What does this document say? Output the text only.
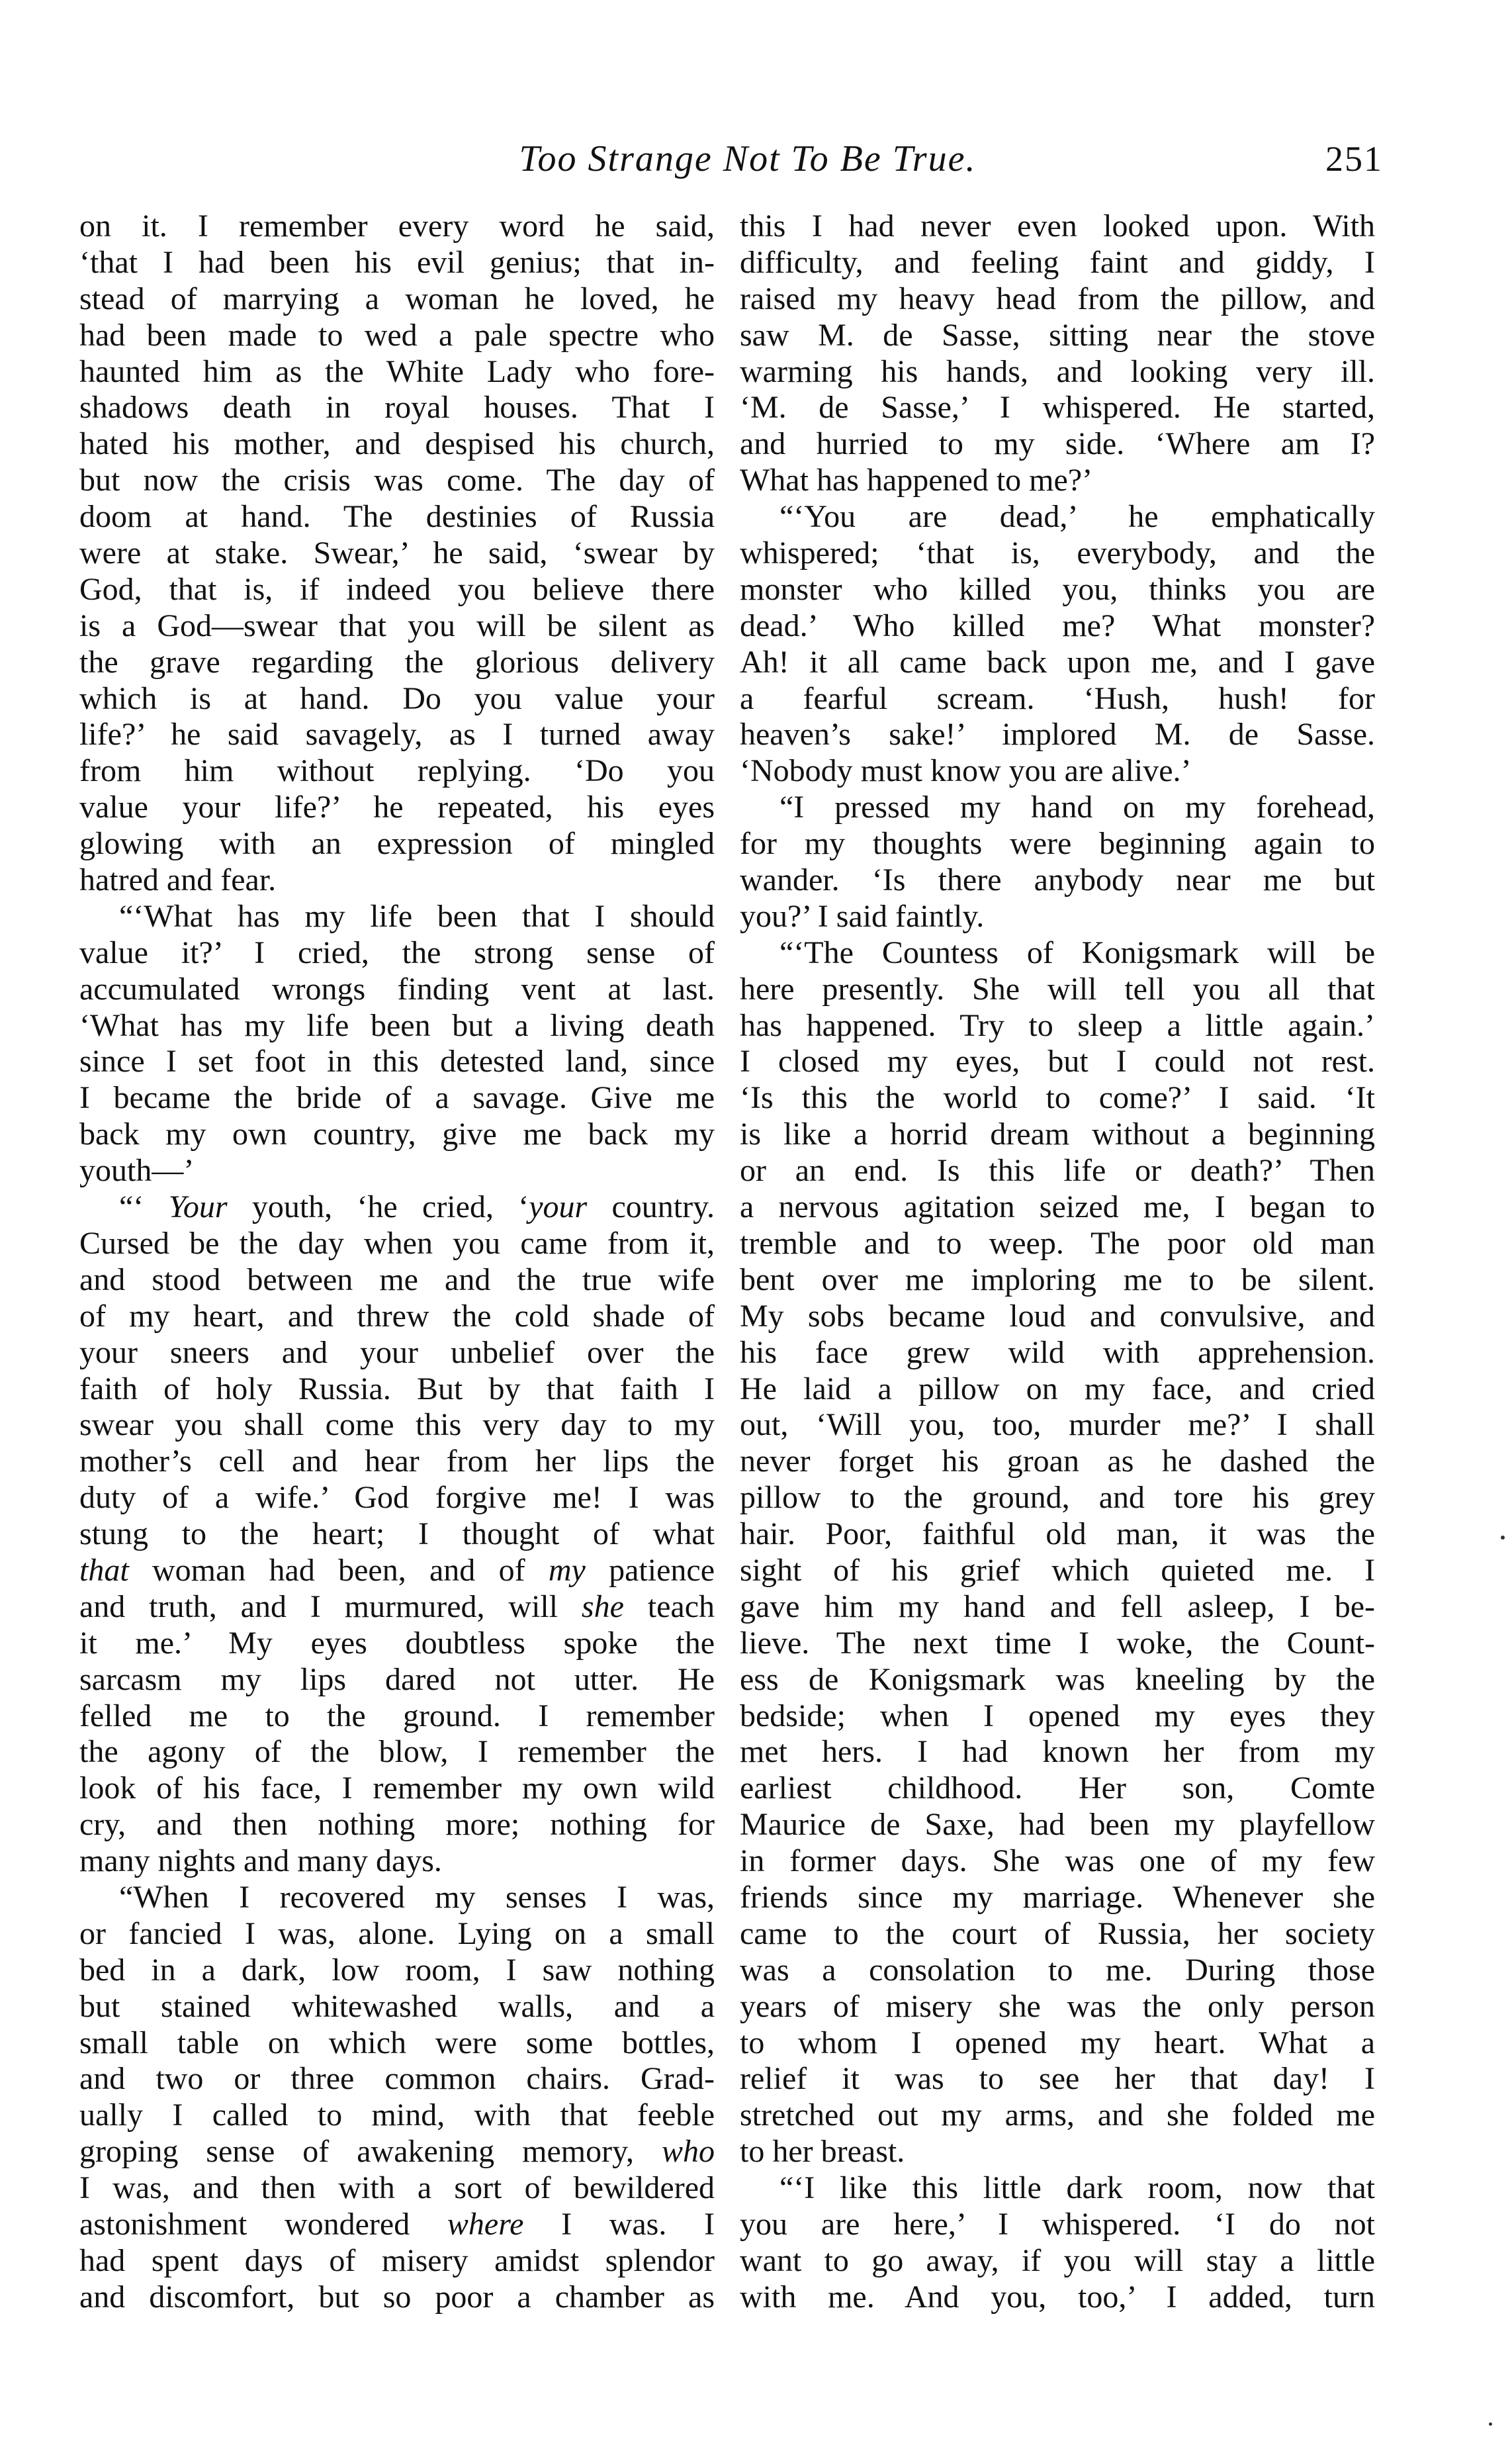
Too Strange Not To Be True.	251
on it. I remember every word he said,
‘that I had been his evil genius; that in-
stead of marrying a woman he loved, he
had been made to wed a pale spectre who
haunted him as the White Lady who fore-
shadows death in royal houses. That I
hated his mother, and despised his church,
but now the crisis was come. The day of
doom at hand. The destinies of Russia
were at stake. Swear,’ he said, ‘swear by
God, that is, if indeed you believe there
is a God—swear that you will be silent as
the grave regarding the glorious delivery
which is at hand. Do you value your
life?’ he said savagely, as I turned away
from him without replying. ‘Do you
value your life?’ he repeated, his eyes
glowing with an expression of mingled
hatred and fear.
“‘What has my life been that I should
value it?’ I cried, the strong sense of
accumulated wrongs finding vent at last.
‘What has my life been but a living death
since I set foot in this detested land, since
I became the bride of a savage. Give me
back my own country, give me back my
youth—’
“‘ Your youth, ‘he cried, ‘your country.
Cursed be the day when you came from it,
and stood between me and the true wife
of my heart, and threw the cold shade of
your sneers and your unbelief over the
faith of holy Russia. But by that faith I
swear you shall come this very day to my
mother’s cell and hear from her lips the
duty of a wife.’ God forgive me! I was
stung to the heart; I thought of what
that woman had been, and of my patience
and truth, and I murmured, will she teach
it me.’ My eyes doubtless spoke the
sarcasm my lips dared not utter. He
felled me to the ground. I remember
the agony of the blow, I remember the
look of his face, I remember my own wild
cry, and then nothing more; nothing for
many nights and many days.
“When I recovered my senses I was,
or fancied I was, alone. Lying on a small
bed in a dark, low room, I saw nothing
but stained whitewashed walls, and a
small table on which were some bottles,
and two or three common chairs. Grad-
ually I called to mind, with that feeble
groping sense of awakening memory, who
I was, and then with a sort of bewildered
astonishment wondered where I was. I
had spent days of misery amidst splendor
and discomfort, but so poor a chamber as
this I had never even looked upon. With
difficulty, and feeling faint and giddy, I
raised my heavy head from the pillow, and
saw M. de Sasse, sitting near the stove
warming his hands, and looking very ill.
‘M. de Sasse,’ I whispered. He started,
and hurried to my side. ‘Where am I?
What has happened to me?’
“‘You are dead,’ he emphatically
whispered; ‘that is, everybody, and the
monster who killed you, thinks you are
dead.’ Who killed me? What monster?
Ah! it all came back upon me, and I gave
a fearful scream. ‘Hush, hush! for
heaven’s sake!’ implored M. de Sasse.
‘Nobody must know you are alive.’
“I pressed my hand on my forehead,
for my thoughts were beginning again to
wander. ‘Is there anybody near me but
you?’ I said faintly.
“‘The Countess of Konigsmark will be
here presently. She will tell you all that
has happened. Try to sleep a little again.’
I closed my eyes, but I could not rest.
‘Is this the world to come?’ I said. ‘It
is like a horrid dream without a beginning
or an end. Is this life or death?’ Then
a nervous agitation seized me, I began to
tremble and to weep. The poor old man
bent over me imploring me to be silent.
My sobs became loud and convulsive, and
his face grew wild with apprehension.
He laid a pillow on my face, and cried
out, ‘Will you, too, murder me?’ I shall
never forget his groan as he dashed the
pillow to the ground, and tore his grey
hair. Poor, faithful old man, it was the
sight of his grief which quieted me. I
gave him my hand and fell asleep, I be-
lieve. The next time I woke, the Count-
ess de Konigsmark was kneeling by the
bedside; when I opened my eyes they
met hers. I had known her from my
earliest childhood. Her son, Comte
Maurice de Saxe, had been my playfellow
in former days. She was one of my few
friends since my marriage. Whenever she
came to the court of Russia, her society
was a consolation to me. During those
years of misery she was the only person
to whom I opened my heart. What a
relief it was to see her that day! I
stretched out my arms, and she folded me
to her breast.
“‘I like this little dark room, now that
you are here,’ I whispered. ‘I do not
want to go away, if you will stay a little
with me. And you, too,’ I added, turn
